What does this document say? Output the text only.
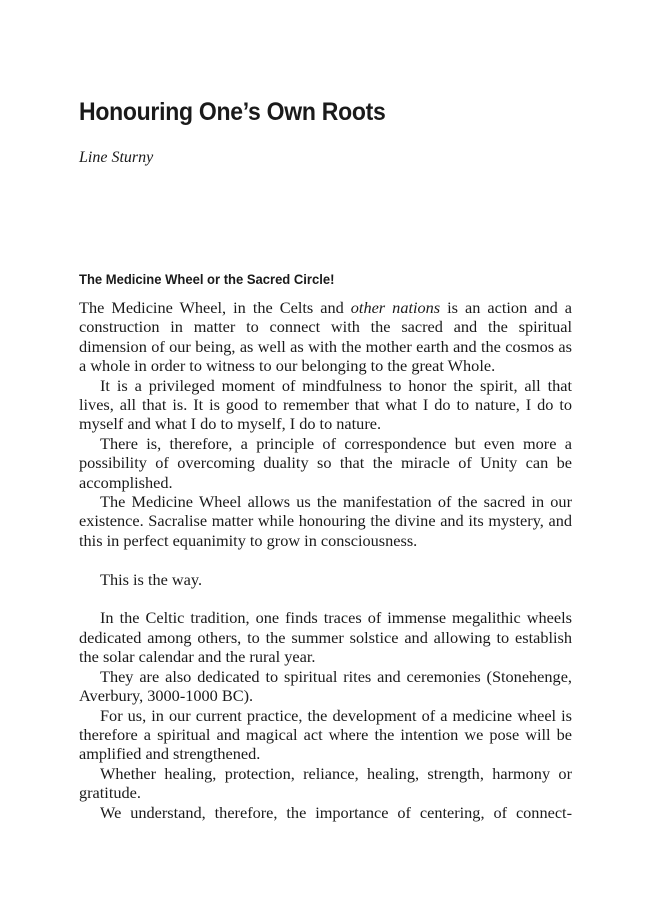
Honouring One’s Own Roots
Line Sturny
The Medicine Wheel or the Sacred Circle!

The Medicine Wheel, in the Celts and other nations is an action and a construction in matter to connect with the sacred and the spiritual dimension of our being, as well as with the mother earth and the cosmos as a whole in order to witness to our belonging to the great Whole.

It is a privileged moment of mindfulness to honor the spirit, all that lives, all that is. It is good to remember that what I do to nature, I do to myself and what I do to myself, I do to nature.

There is, therefore, a principle of correspondence but even more a possibility of overcoming duality so that the miracle of Unity can be accomplished.

The Medicine Wheel allows us the manifestation of the sacred in our existence. Sacralise matter while honouring the divine and its mystery, and this in perfect equanimity to grow in consciousness.

This is the way.

In the Celtic tradition, one finds traces of immense megalithic wheels dedicated among others, to the summer solstice and allowing to establish the solar calendar and the rural year.

They are also dedicated to spiritual rites and ceremonies (Stonehenge, Averbury, 3000-1000 BC).

For us, in our current practice, the development of a medicine wheel is therefore a spiritual and magical act where the intention we pose will be amplified and strengthened.

Whether healing, protection, reliance, healing, strength, harmony or gratitude.

We understand, therefore, the importance of centering, of connect-
